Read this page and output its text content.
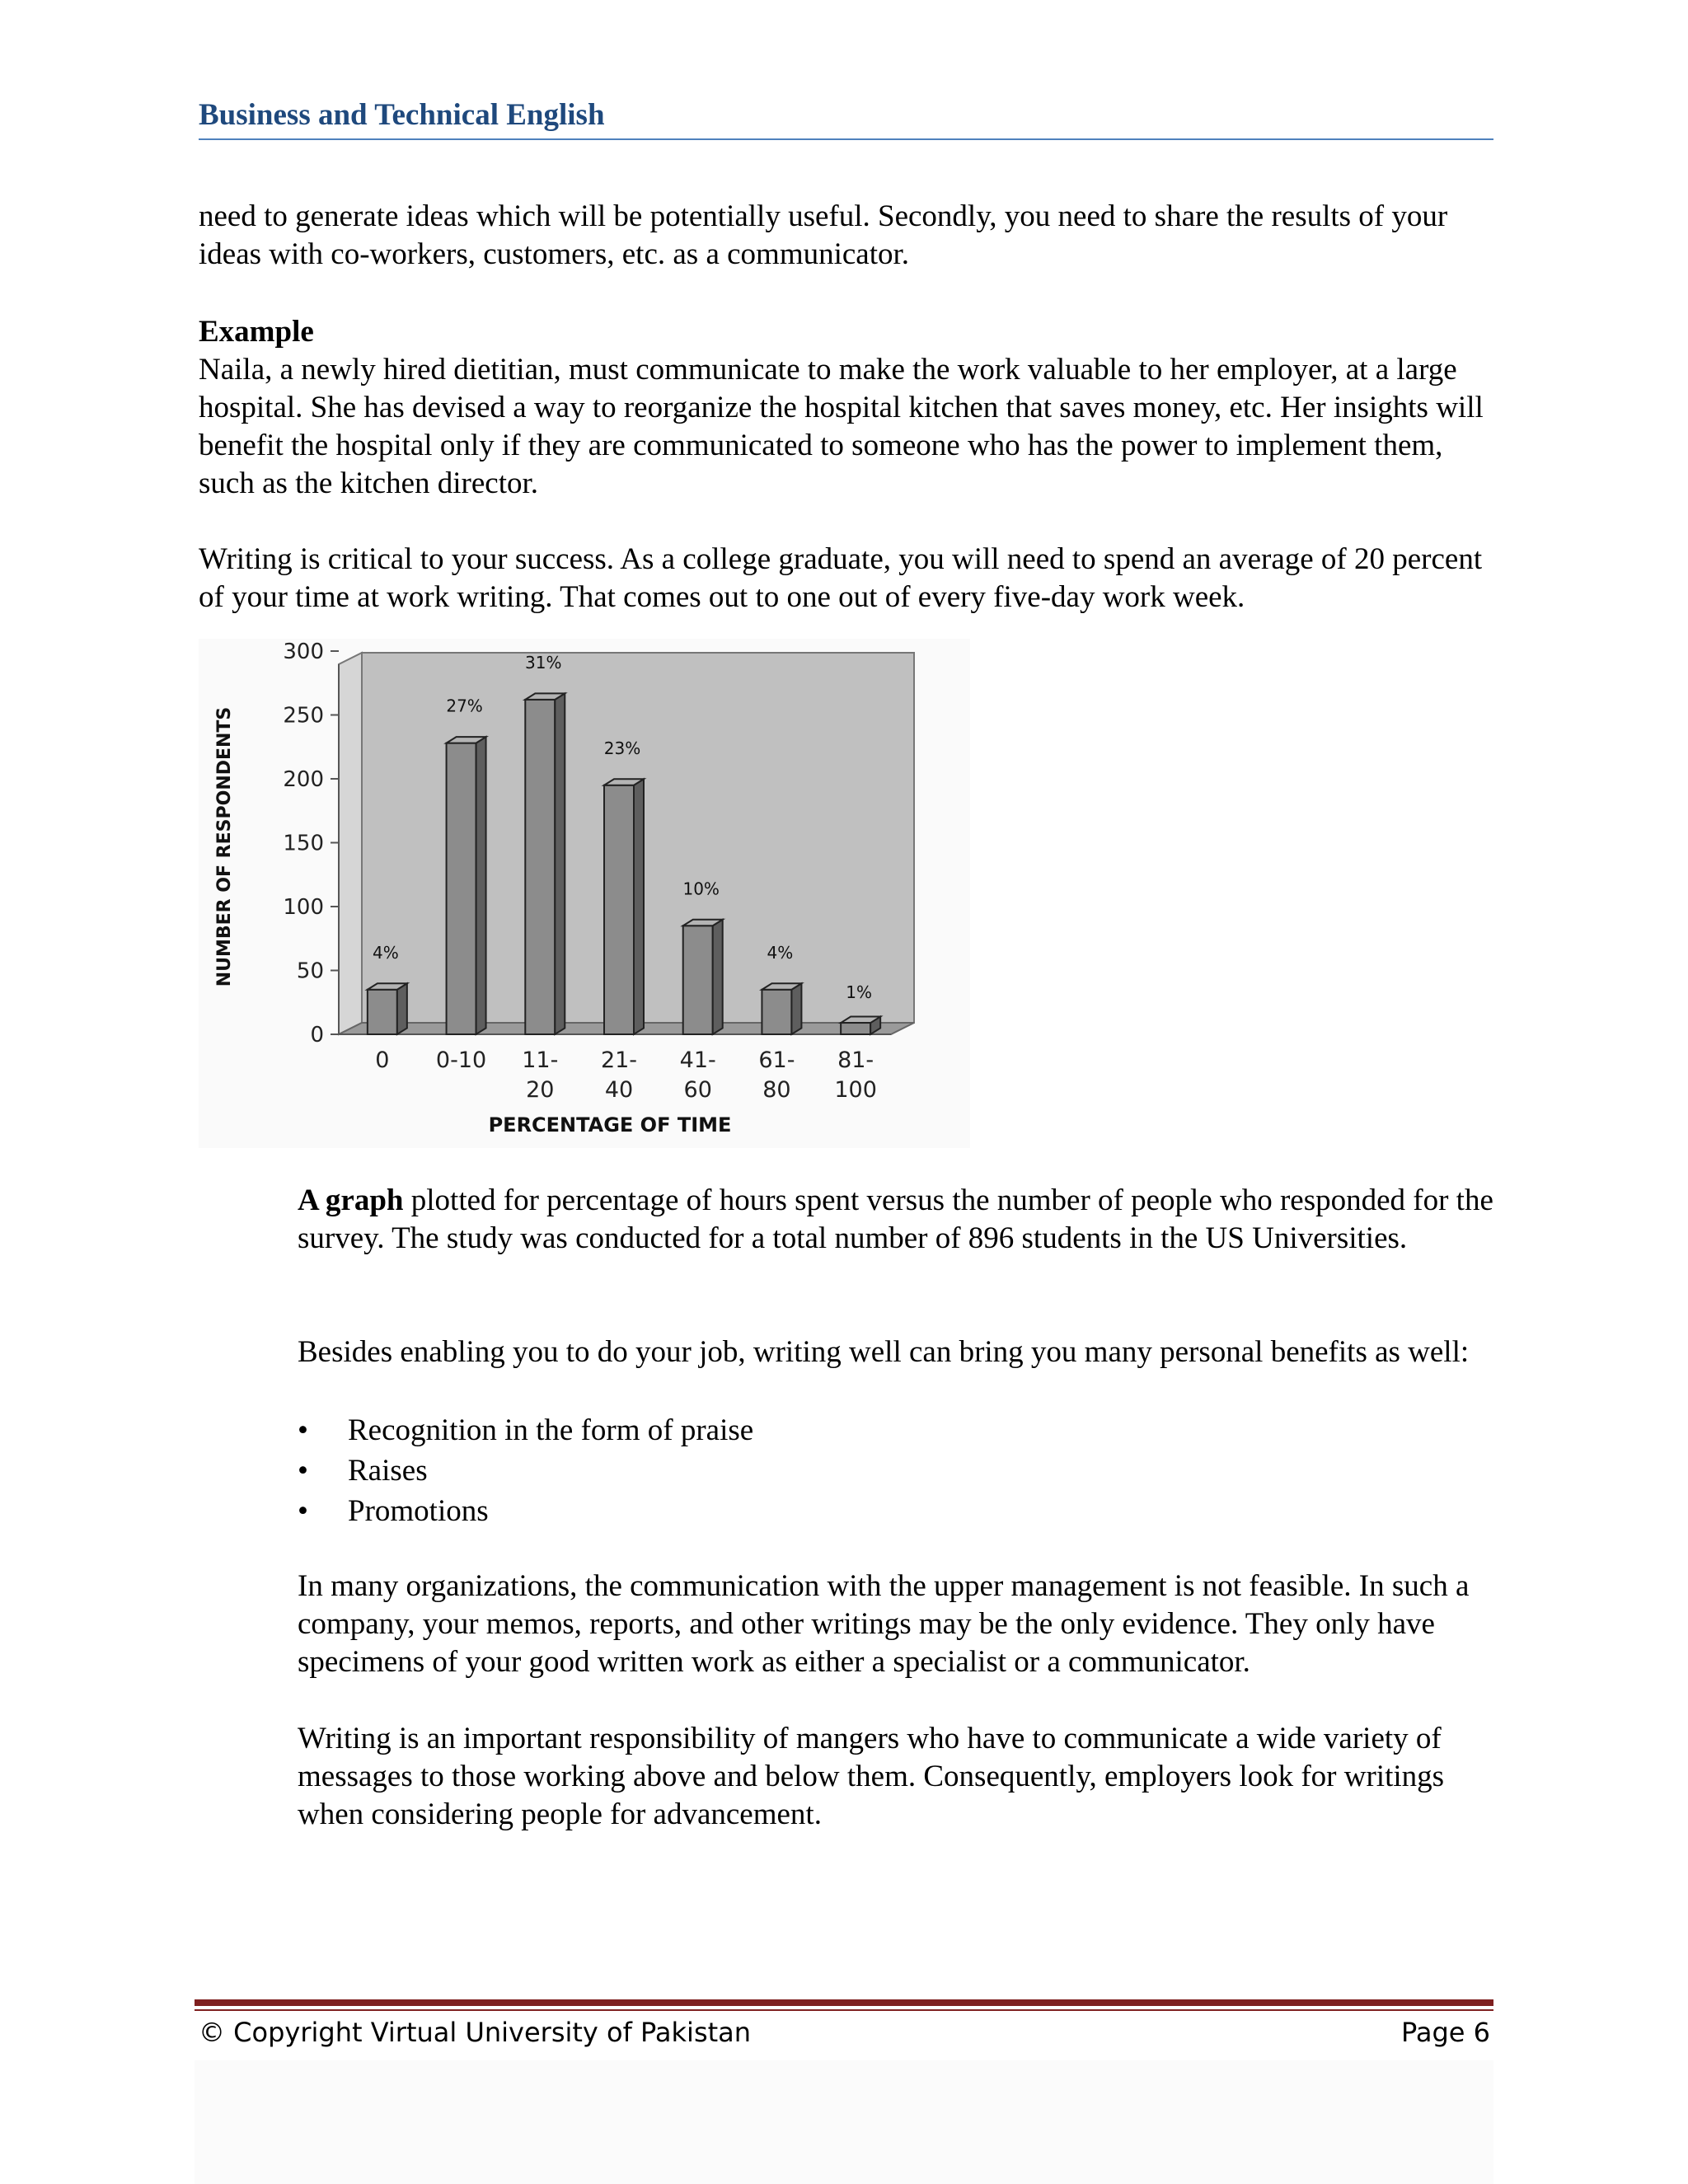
Business and Technical English

need to generate ideas which will be potentially useful. Secondly, you need to share the results of your ideas with co-workers, customers, etc. as a communicator.

Example

Naila, a newly hired dietitian, must communicate to make the work valuable to her employer, at a large hospital. She has devised a way to reorganize the hospital kitchen that saves money, etc. Her insights will benefit the hospital only if they are communicated to someone who has the power to implement them, such as the kitchen director.

Writing is critical to your success. As a college graduate, you will need to spend an average of 20 percent of your time at work writing. That comes out to one out of every five-day work week.

0
50
100
150
200
250
300
NUMBER OF RESPONDENTS	4%
0
27%
0-10
31%
11-
20
23%
21-
40
10%
41-
60
4%
61-
80
1%
81-
100
PERCENTAGE OF TIME

A graph plotted for percentage of hours spent versus the number of people who responded for the survey. The study was conducted for a total number of 896 students in the US Universities.

Besides enabling you to do your job, writing well can bring you many personal benefits as well:

• Recognition in the form of praise
• Raises
• Promotions

In many organizations, the communication with the upper management is not feasible. In such a company, your memos, reports, and other writings may be the only evidence. They only have specimens of your good written work as either a specialist or a communicator.

Writing is an important responsibility of mangers who have to communicate a wide variety of messages to those working above and below them. Consequently, employers look for writings when considering people for advancement.

© Copyright Virtual University of Pakistan	Page 6
